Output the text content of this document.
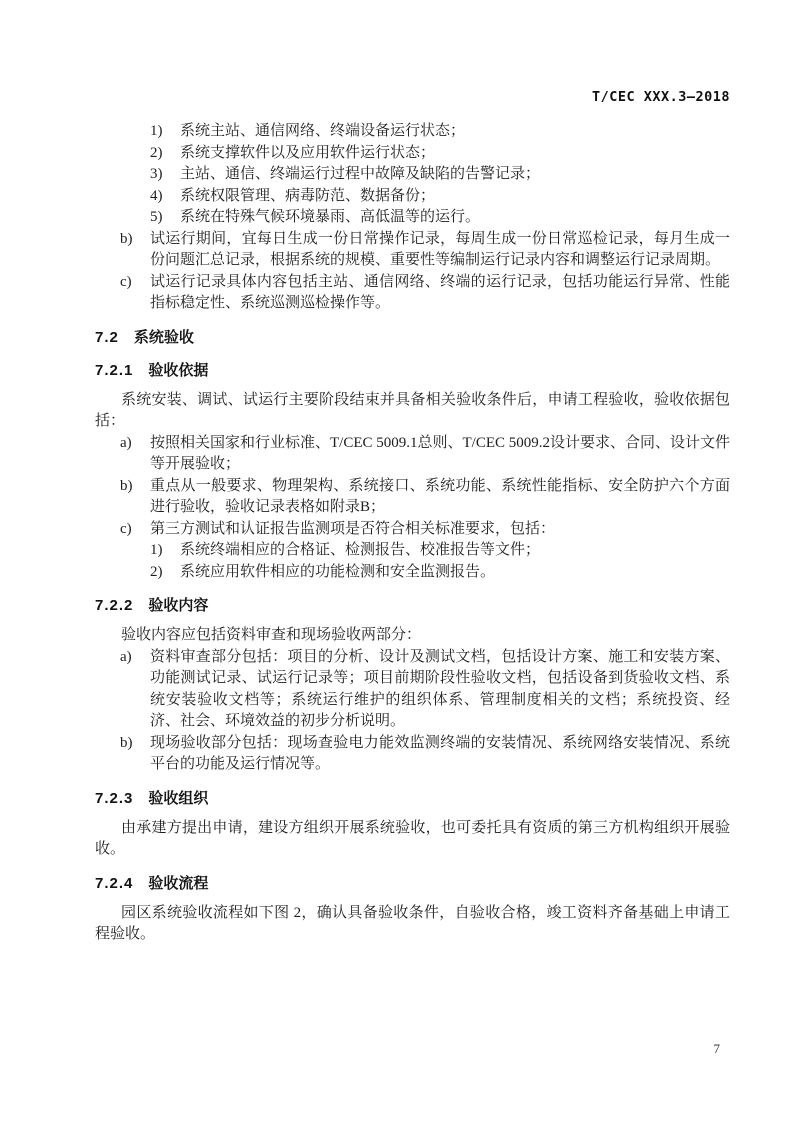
T/CEC XXX.3—2018
1) 系统主站、通信网络、终端设备运行状态；
2) 系统支撑软件以及应用软件运行状态；
3) 主站、通信、终端运行过程中故障及缺陷的告警记录；
4) 系统权限管理、病毒防范、数据备份；
5) 系统在特殊气候环境暴雨、高低温等的运行。
b) 试运行期间，宜每日生成一份日常操作记录，每周生成一份日常巡检记录，每月生成一份问题汇总记录，根据系统的规模、重要性等编制运行记录内容和调整运行记录周期。
c) 试运行记录具体内容包括主站、通信网络、终端的运行记录，包括功能运行异常、性能指标稳定性、系统巡测巡检操作等。
7.2 系统验收
7.2.1 验收依据

系统安装、调试、试运行主要阶段结束并具备相关验收条件后，申请工程验收，验收依据包括：

a) 按照相关国家和行业标准、T/CEC 5009.1总则、T/CEC 5009.2设计要求、合同、设计文件等开展验收；
b) 重点从一般要求、物理架构、系统接口、系统功能、系统性能指标、安全防护六个方面进行验收，验收记录表格如附录B；
c) 第三方测试和认证报告监测项是否符合相关标准要求，包括：
1) 系统终端相应的合格证、检测报告、校准报告等文件；
2) 系统应用软件相应的功能检测和安全监测报告。
7.2.2 验收内容

验收内容应包括资料审查和现场验收两部分：

a) 资料审查部分包括：项目的分析、设计及测试文档，包括设计方案、施工和安装方案、功能测试记录、试运行记录等；项目前期阶段性验收文档，包括设备到货验收文档、系统安装验收文档等；系统运行维护的组织体系、管理制度相关的文档；系统投资、经济、社会、环境效益的初步分析说明。
b) 现场验收部分包括：现场查验电力能效监测终端的安装情况、系统网络安装情况、系统平台的功能及运行情况等。
7.2.3 验收组织

由承建方提出申请，建设方组织开展系统验收，也可委托具有资质的第三方机构组织开展验收。

7.2.4 验收流程

园区系统验收流程如下图 2，确认具备验收条件，自验收合格，竣工资料齐备基础上申请工程验收。

7
